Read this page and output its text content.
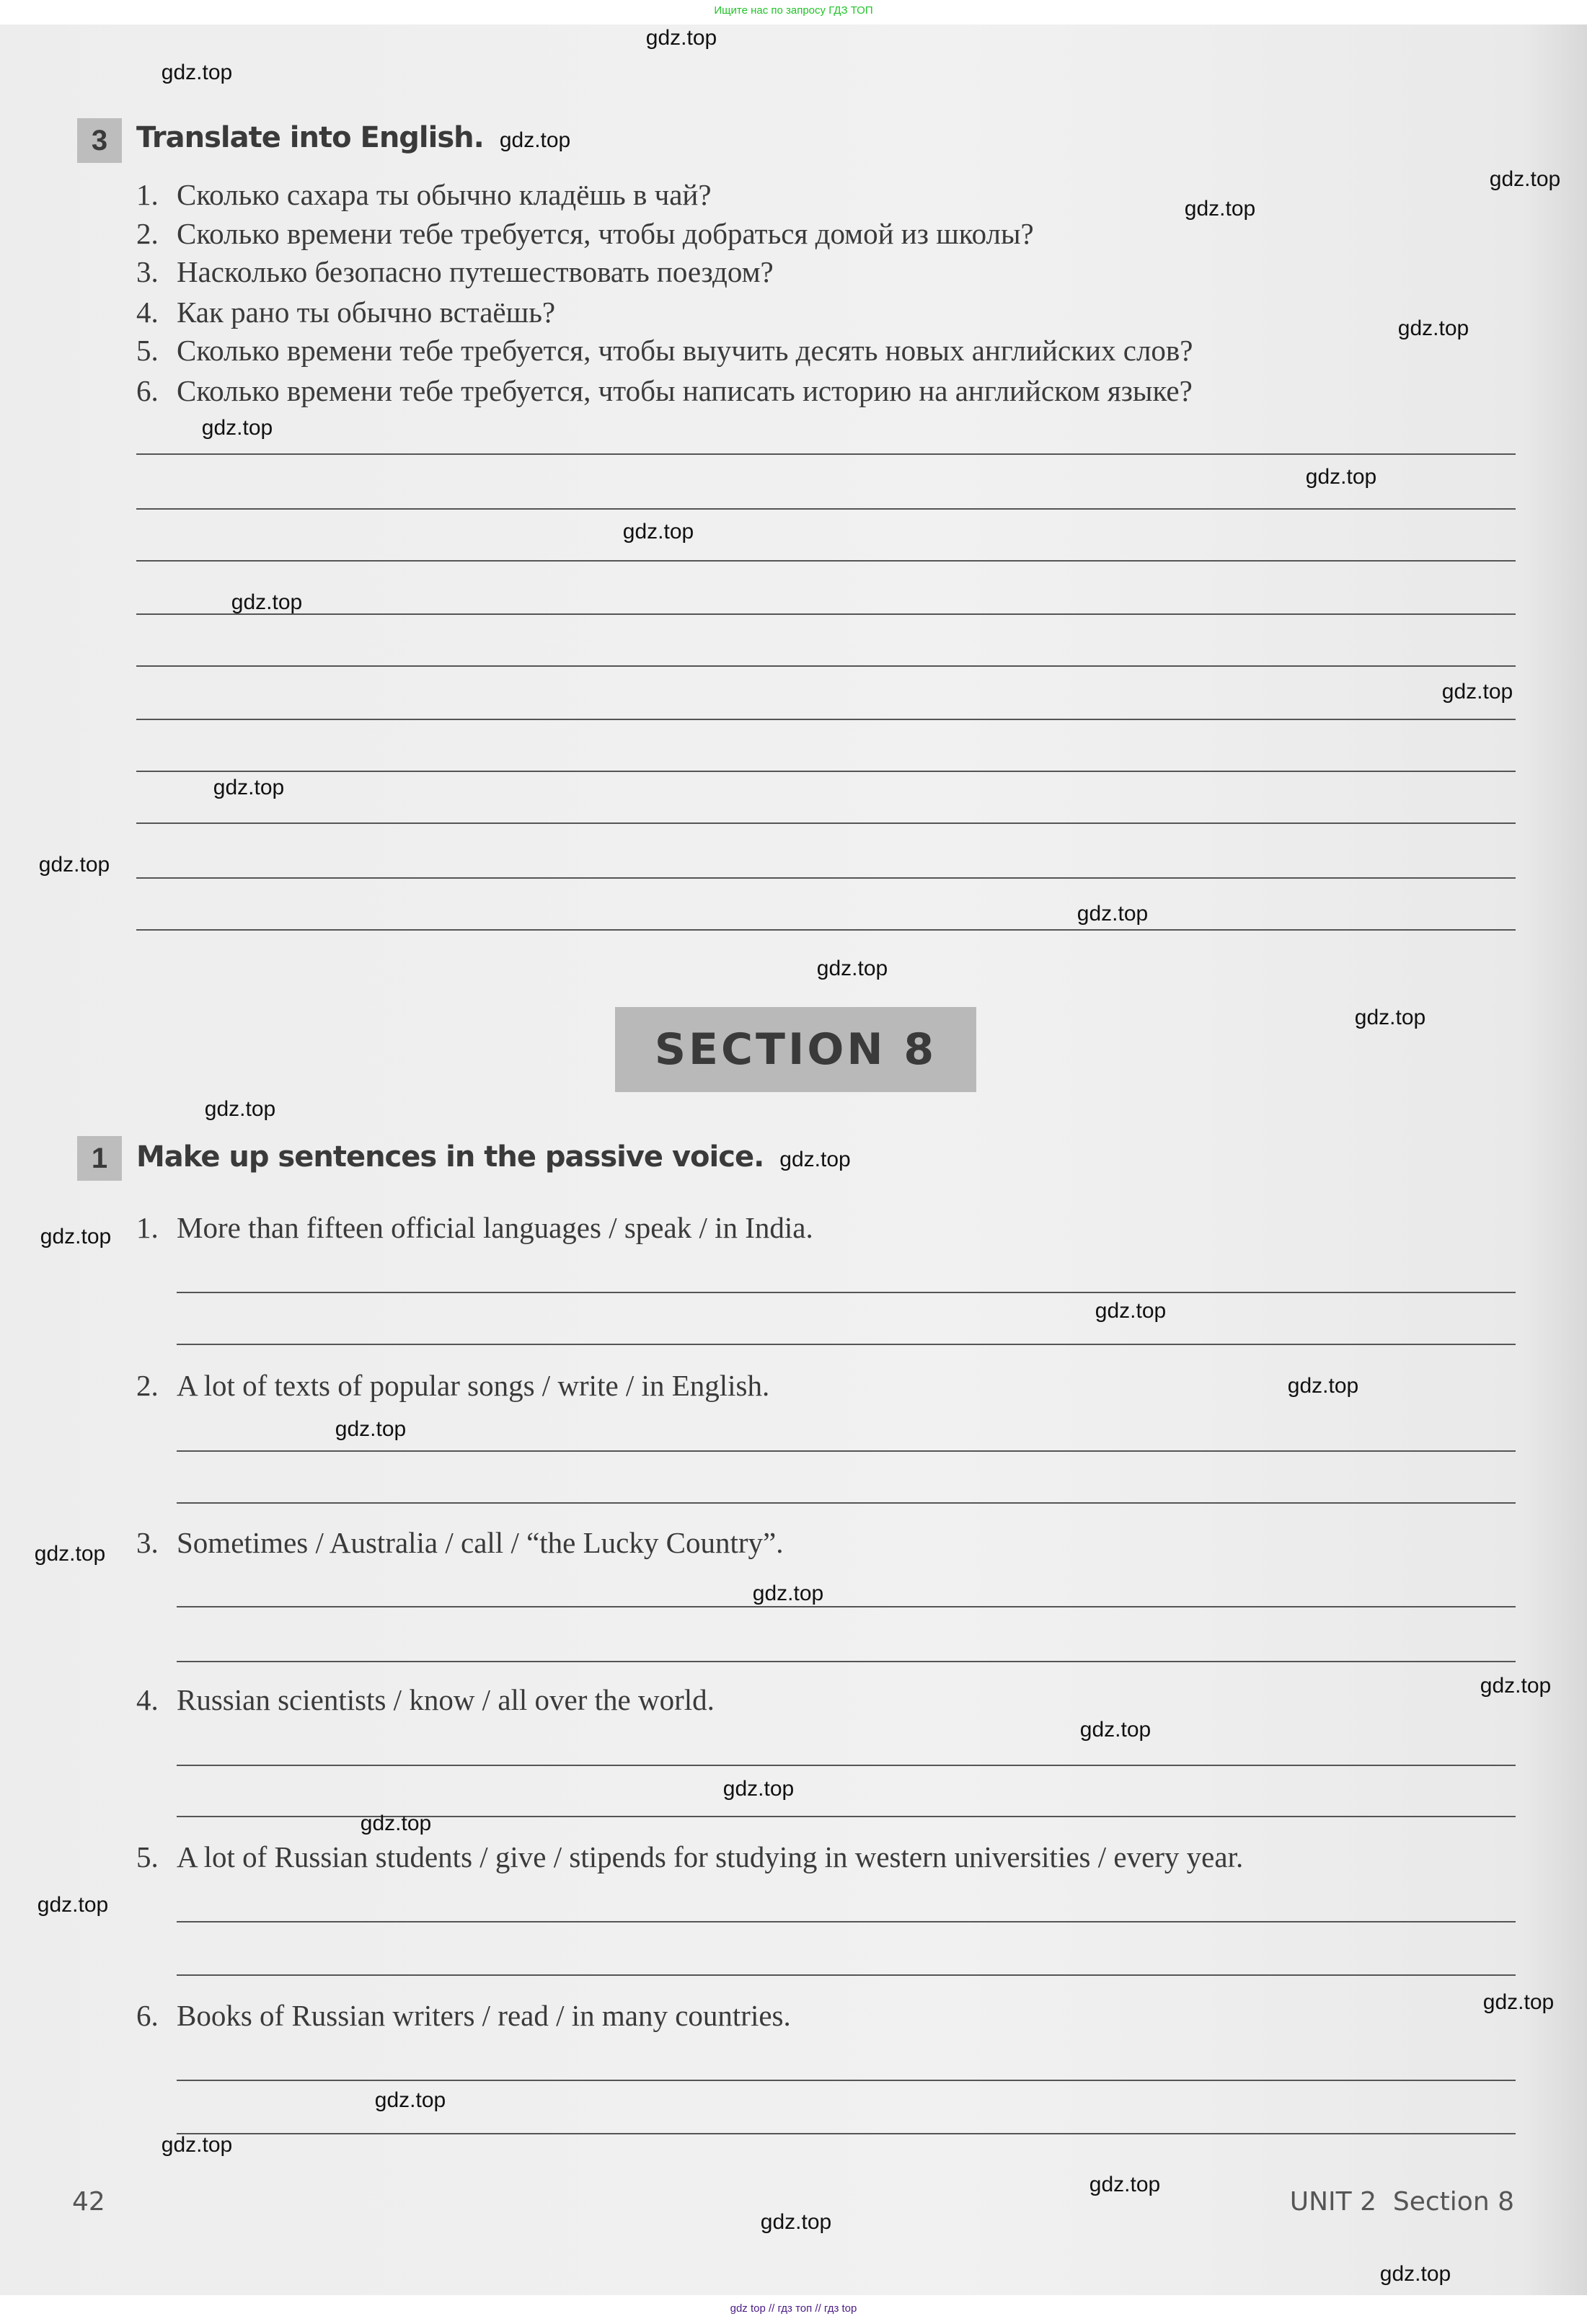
Ищите нас по запросу ГДЗ ТОП
3 Translate into English. gdz.top
1. Сколько сахара ты обычно кладёшь в чай?
2. Сколько времени тебе требуется, чтобы добраться домой из школы?
3. Насколько безопасно путешествовать поездом?
4. Как рано ты обычно встаёшь?
5. Сколько времени тебе требуется, чтобы выучить десять новых английских слов?
6. Сколько времени тебе требуется, чтобы написать историю на английском языке?
SECTION 8
1 Make up sentences in the passive voice. gdz.top
1. More than fifteen official languages / speak / in India.
2. A lot of texts of popular songs / write / in English.
3. Sometimes / Australia / call / “the Lucky Country”.
4. Russian scientists / know / all over the world.
5. A lot of Russian students / give / stipends for studying in western universities / every year.
6. Books of Russian writers / read / in many countries.
42	UNIT 2 Section 8
gdz.top
gdz.top
gdz.top
gdz.top
gdz.top
gdz.top
gdz.top
gdz.top
gdz.top
gdz.top
gdz.top
gdz.top
gdz.top
gdz.top
gdz.top
gdz.top
gdz.top
gdz.top
gdz.top
gdz.top
gdz.top
gdz.top
gdz.top
gdz.top
gdz.top
gdz.top
gdz.top
gdz.top
gdz.top
gdz.top
gdz.top
gdz.top
gdz.top
gdz top // гдз топ // гдз top
